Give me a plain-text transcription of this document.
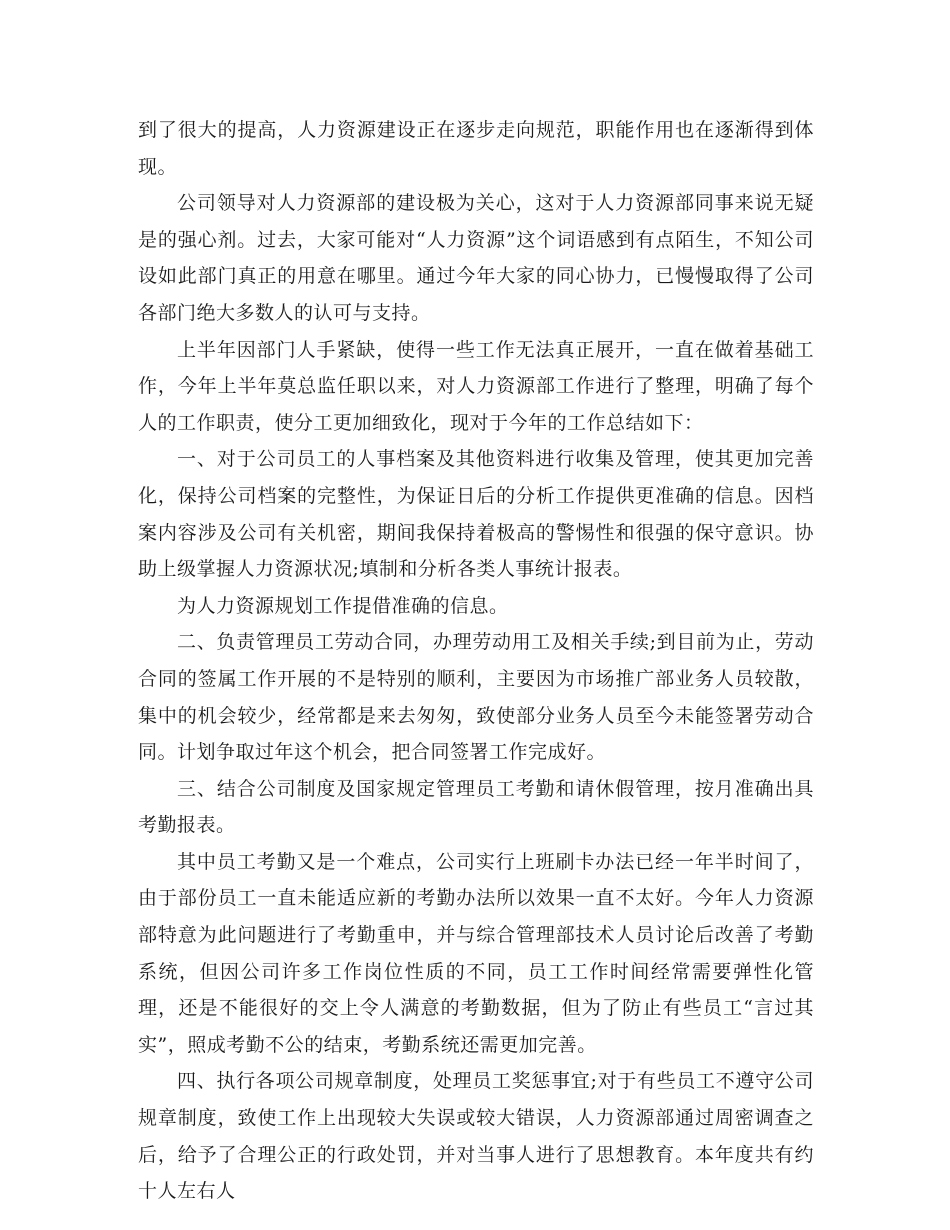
到了很大的提高，人力资源建设正在逐步走向规范，职能作用也在逐渐得到体现。

公司领导对人力资源部的建设极为关心，这对于人力资源部同事来说无疑是的强心剂。过去，大家可能对“人力资源”这个词语感到有点陌生，不知公司设如此部门真正的用意在哪里。通过今年大家的同心协力，已慢慢取得了公司各部门绝大多数人的认可与支持。

上半年因部门人手紧缺，使得一些工作无法真正展开，一直在做着基础工作，今年上半年莫总监任职以来，对人力资源部工作进行了整理，明确了每个人的工作职责，使分工更加细致化，现对于今年的工作总结如下：

一、对于公司员工的人事档案及其他资料进行收集及管理，使其更加完善化，保持公司档案的完整性，为保证日后的分析工作提供更准确的信息。因档案内容涉及公司有关机密，期间我保持着极高的警惕性和很强的保守意识。协助上级掌握人力资源状况;填制和分析各类人事统计报表。

为人力资源规划工作提借准确的信息。

二、负责管理员工劳动合同，办理劳动用工及相关手续;到目前为止，劳动合同的签属工作开展的不是特别的顺利，主要因为市场推广部业务人员较散，集中的机会较少，经常都是来去匆匆，致使部分业务人员至今未能签署劳动合同。计划争取过年这个机会，把合同签署工作完成好。

三、结合公司制度及国家规定管理员工考勤和请休假管理，按月准确出具考勤报表。

其中员工考勤又是一个难点，公司实行上班刷卡办法已经一年半时间了，由于部份员工一直未能适应新的考勤办法所以效果一直不太好。今年人力资源部特意为此问题进行了考勤重申，并与综合管理部技术人员讨论后改善了考勤系统，但因公司许多工作岗位性质的不同，员工工作时间经常需要弹性化管理，还是不能很好的交上令人满意的考勤数据，但为了防止有些员工“言过其实”，照成考勤不公的结束，考勤系统还需更加完善。

四、执行各项公司规章制度，处理员工奖惩事宜;对于有些员工不遵守公司规章制度，致使工作上出现较大失误或较大错误，人力资源部通过周密调查之后，给予了合理公正的行政处罚，并对当事人进行了思想教育。本年度共有约十人左右人
